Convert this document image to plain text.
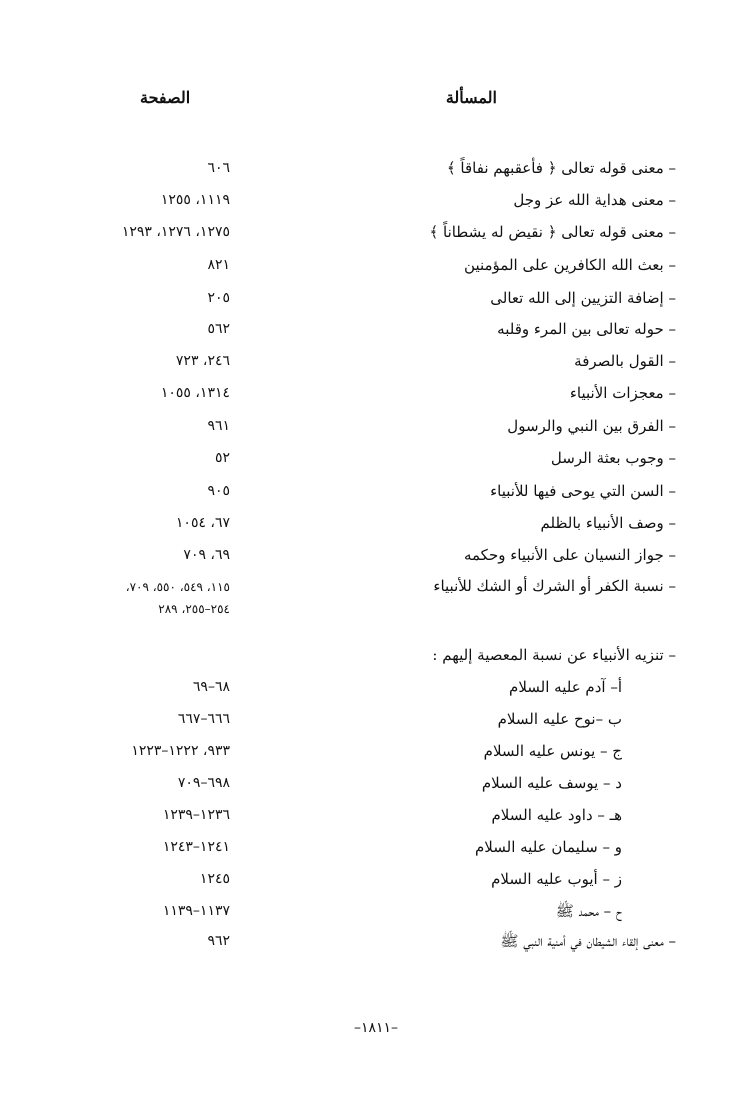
المسألة
الصفحة
– معنى قوله تعالى ﴿ فأعقبهم نفاقاً ﴾
٦٠٦
– معنى هداية الله عز وجل
١١١٩، ١٢٥٥
– معنى قوله تعالى ﴿ نقيض له يشطاناً ﴾
١٢٧٥، ١٢٧٦، ١٢٩٣
– بعث الله الكافرين على المؤمنين
٨٢١
– إضافة التزيين إلى الله تعالى
٢٠٥
– حوله تعالى بين المرء وقلبه
٥٦٢
– القول بالصرفة
٢٤٦، ٧٢٣
– معجزات الأنبياء
١٣١٤، ١٠٥٥
– الفرق بين النبي والرسول
٩٦١
– وجوب بعثة الرسل
٥٢
– السن التي يوحى فيها للأنبياء
٩٠٥
– وصف الأنبياء بالظلم
٦٧، ١٠٥٤
– جواز النسيان على الأنبياء وحكمه
٦٩، ٧٠٩
– نسبة الكفر أو الشرك أو الشك للأنبياء
١١٥، ٥٤٩، ٥٥٠، ٧٠٩،
٢٥٤–٢٥٥، ٢٨٩
– تنزيه الأنبياء عن نسبة المعصية إليهم :
أ– آدم عليه السلام
٦٨–٦٩
ب –نوح عليه السلام
٦٦٦–٦٦٧
ج – يونس عليه السلام
٩٣٣، ١٢٢٢–١٢٢٣
د – يوسف عليه السلام
٦٩٨–٧٠٩
هـ – داود عليه السلام
١٢٣٦–١٢٣٩
و – سليمان عليه السلام
١٢٤١–١٢٤٣
ز – أيوب عليه السلام
١٢٤٥
ح – محمد ﷺ
١١٣٧–١١٣٩
– معنى إلقاء الشيطان في أمنية النبي ﷺ
٩٦٢
–١٨١١–
